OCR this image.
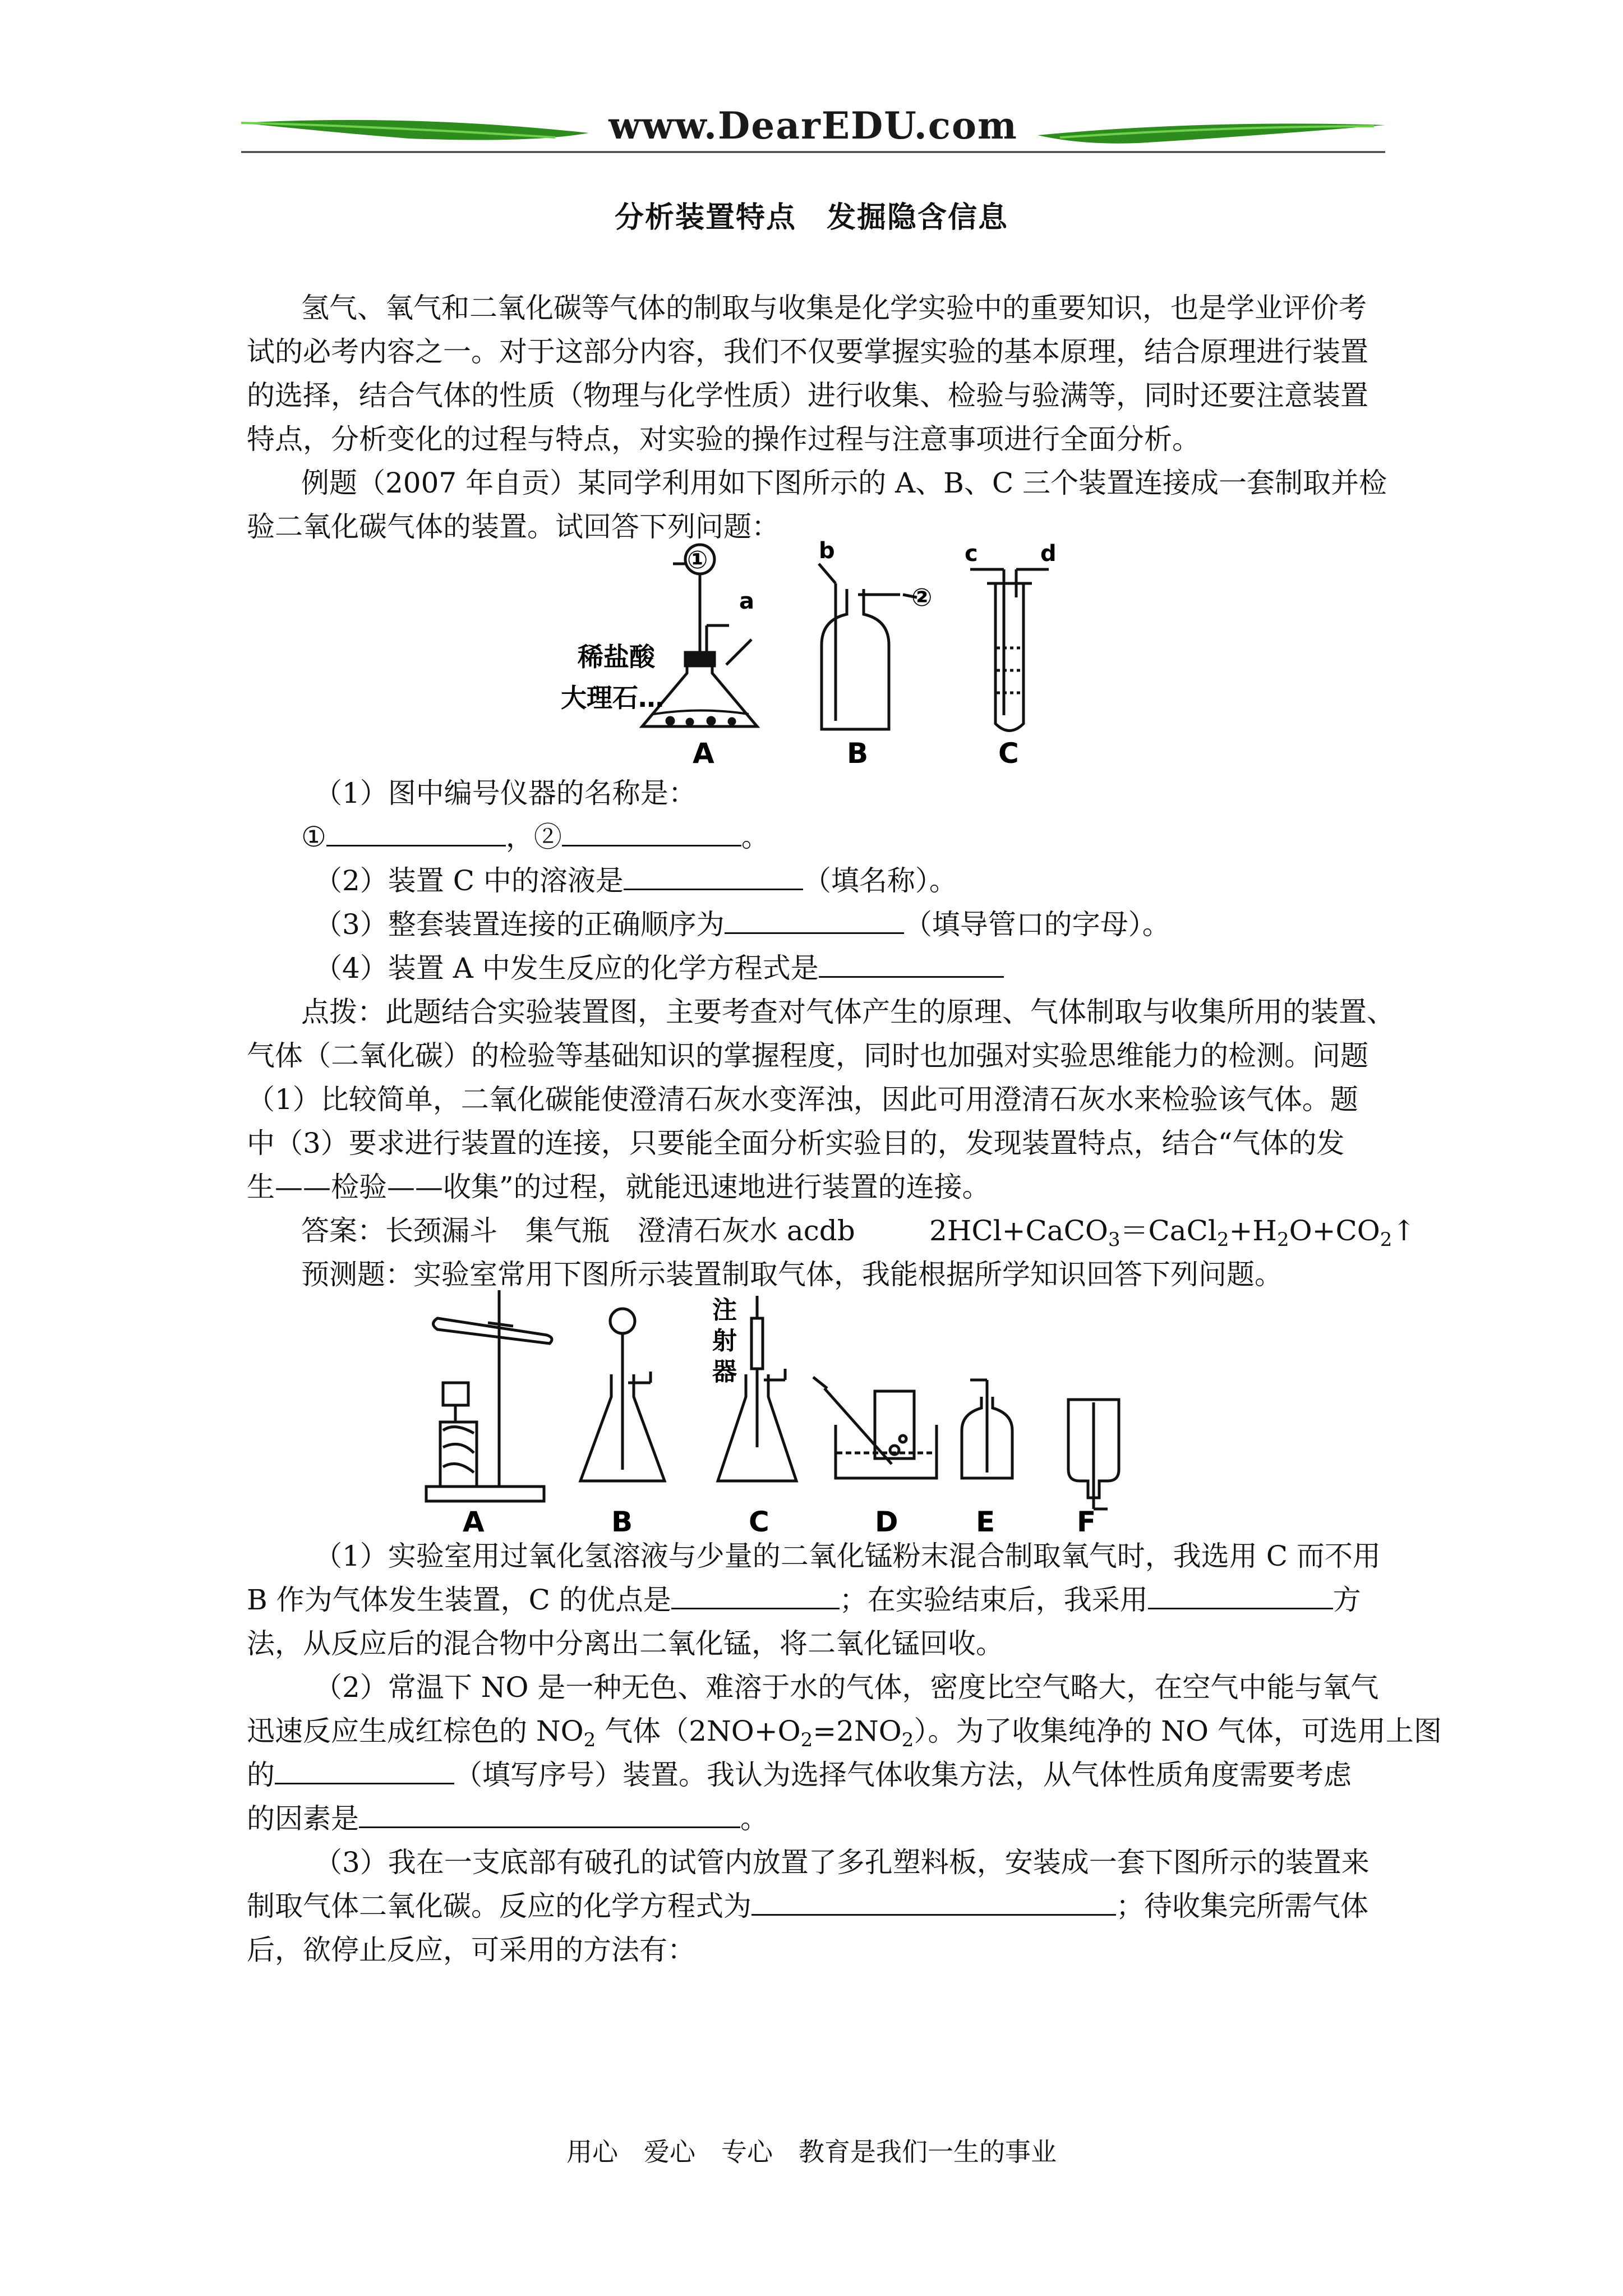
www.DearEDU.com
分析装置特点　发掘隐含信息
氢气、氧气和二氧化碳等气体的制取与收集是化学实验中的重要知识，也是学业评价考
试的必考内容之一。对于这部分内容，我们不仅要掌握实验的基本原理，结合原理进行装置
的选择，结合气体的性质（物理与化学性质）进行收集、检验与验满等，同时还要注意装置
特点，分析变化的过程与特点，对实验的操作过程与注意事项进行全面分析。
例题（2007 年自贡）某同学利用如下图所示的 A、B、C 三个装置连接成一套制取并检
验二氧化碳气体的装置。试回答下列问题：
①
a
稀盐酸
大理石…
A
b
②
B
c	d
C
（1）图中编号仪器的名称是：
①	，②	。
（2）装置 C 中的溶液是	（填名称）。
（3）整套装置连接的正确顺序为	（填导管口的字母）。
（4）装置 A 中发生反应的化学方程式是
点拨：此题结合实验装置图，主要考查对气体产生的原理、气体制取与收集所用的装置、
气体（二氧化碳）的检验等基础知识的掌握程度，同时也加强对实验思维能力的检测。问题
（1）比较简单，二氧化碳能使澄清石灰水变浑浊，因此可用澄清石灰水来检验该气体。题
中（3）要求进行装置的连接，只要能全面分析实验目的，发现装置特点，结合“气体的发
生——检验——收集”的过程，就能迅速地进行装置的连接。
答案：长颈漏斗　集气瓶　澄清石灰水 acdb	$2HCl+CaCO_3=CaCl_2+H_2O+CO_2↑$
预测题：实验室常用下图所示装置制取气体，我能根据所学知识回答下列问题。
A	B
注
射
器
C	D	E	F
（1）实验室用过氧化氢溶液与少量的二氧化锰粉末混合制取氧气时，我选用 C 而不用
B 作为气体发生装置，C 的优点是	；在实验结束后，我采用	方
法，从反应后的混合物中分离出二氧化锰，将二氧化锰回收。
（2）常温下 NO 是一种无色、难溶于水的气体，密度比空气略大，在空气中能与氧气
迅速反应生成红棕色的 $NO_2$ 气体$(2NO+O_2=2NO_2)$。为了收集纯净的 NO 气体，可选用上图
的	（填写序号）装置。我认为选择气体收集方法，从气体性质角度需要考虑
的因素是	。
（3）我在一支底部有破孔的试管内放置了多孔塑料板，安装成一套下图所示的装置来
制取气体二氧化碳。反应的化学方程式为	；待收集完所需气体
后，欲停止反应，可采用的方法有：
用心　爱心　专心　教育是我们一生的事业
